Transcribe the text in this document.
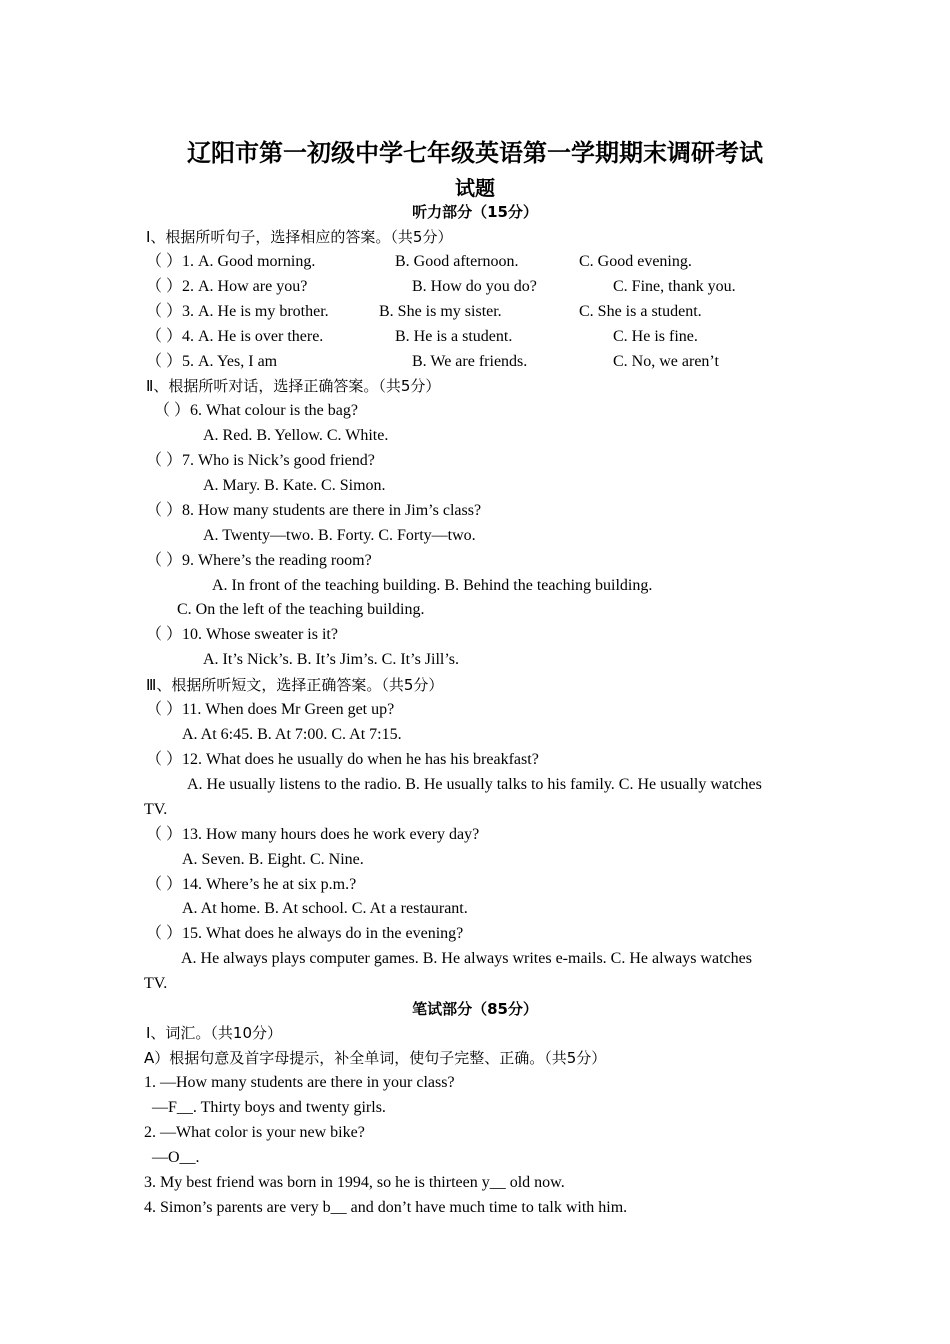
辽阳市第一初级中学七年级英语第一学期期末调研考试
试题
听力部分（15分）
Ⅰ、根据所听句子，选择相应的答案。（共5分）
（ ）1. A. Good morning.	B. Good afternoon.	C. Good evening.
（ ）2. A. How are you?	B. How do you do?	C. Fine, thank you.
（ ）3. A. He is my brother.	B. She is my sister.	C. She is a student.
（ ）4. A. He is over there.	B. He is a student.	C. He is fine.
（ ）5. A. Yes, I am	B. We are friends.	C. No, we aren’t
Ⅱ、根据所听对话，选择正确答案。（共5分）
（ ）6. What colour is the bag?
A. Red. B. Yellow. C. White.
（ ）7. Who is Nick’s good friend?
A. Mary. B. Kate. C. Simon.
（ ）8. How many students are there in Jim’s class?
A. Twenty—two. B. Forty. C. Forty—two.
（ ）9. Where’s the reading room?
A. In front of the teaching building. B. Behind the teaching building.
C. On the left of the teaching building.
（ ）10. Whose sweater is it?
A. It’s Nick’s. B. It’s Jim’s. C. It’s Jill’s.
Ⅲ、根据所听短文，选择正确答案。（共5分）
（ ）11. When does Mr Green get up?
A. At 6:45. B. At 7:00. C. At 7:15.
（ ）12. What does he usually do when he has his breakfast?
A. He usually listens to the radio. B. He usually talks to his family. C. He usually watches
TV.
（ ）13. How many hours does he work every day?
A. Seven. B. Eight. C. Nine.
（ ）14. Where’s he at six p.m.?
A. At home. B. At school. C. At a restaurant.
（ ）15. What does he always do in the evening?
A. He always plays computer games. B. He always writes e-mails. C. He always watches
TV.
笔试部分（85分）
Ⅰ、词汇。（共10分）
A）根据句意及首字母提示，补全单词，使句子完整、正确。（共5分）
1. —How many students are there in your class?
—F__. Thirty boys and twenty girls.
2. —What color is your new bike?
—O__.
3. My best friend was born in 1994, so he is thirteen y__ old now.
4. Simon’s parents are very b__ and don’t have much time to talk with him.
